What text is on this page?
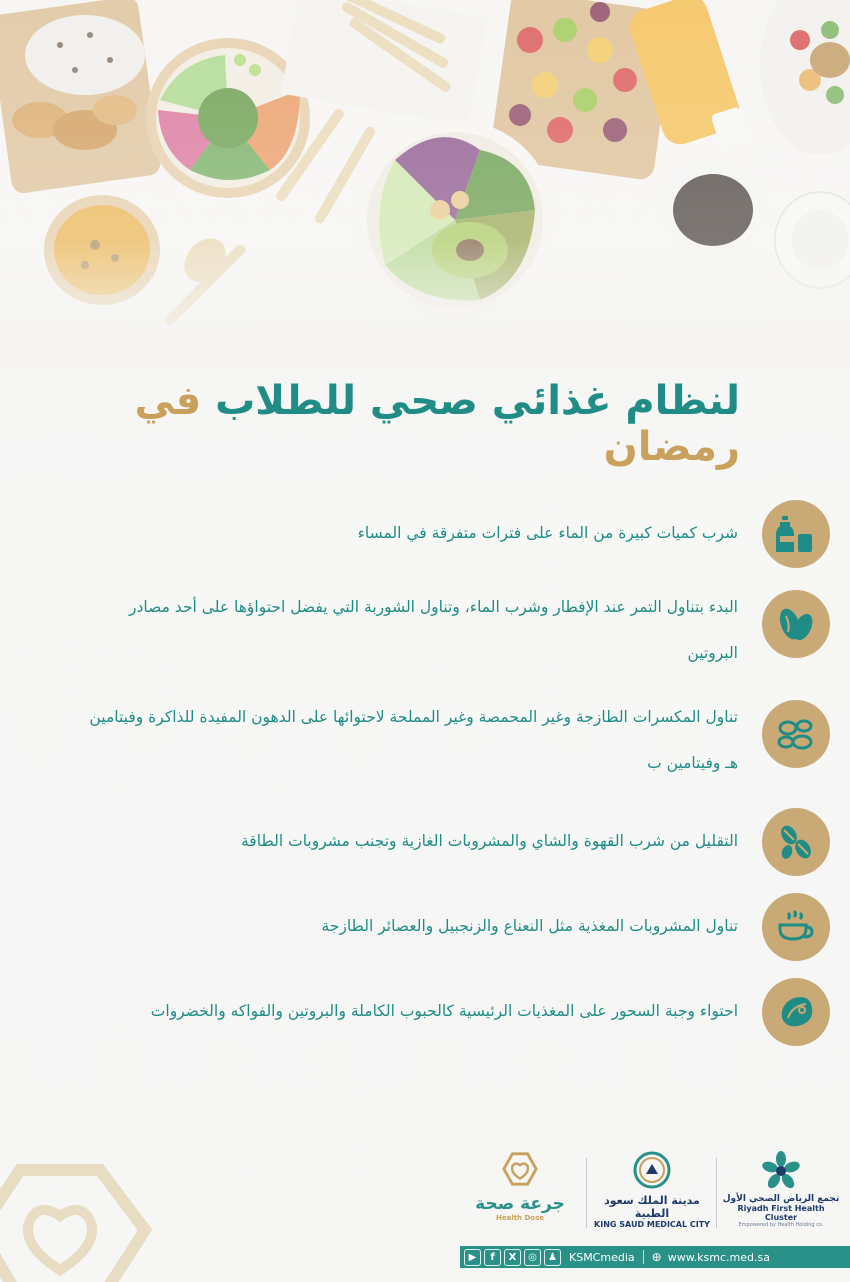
لنظام غذائي صحي للطلاب في رمضان
شرب كميات كبيرة من الماء على فترات متفرقة في المساء
البدء بتناول التمر عند الإفطار وشرب الماء، وتناول الشوربة التي يفضل احتواؤها على أحد مصادر البروتين
تناول المكسرات الطازجة وغير المحمصة وغير المملحة لاحتوائها على الدهون المفيدة للذاكرة وفيتامين هـ وفيتامين ب
التقليل من شرب القهوة والشاي والمشروبات الغازية وتجنب مشروبات الطاقة
تناول المشروبات المغذية مثل النعناع والزنجبيل والعصائر الطازجة
احتواء وجبة السحور على المغذيات الرئيسية كالحبوب الكاملة والبروتين والفواكه والخضروات
جرعة صحة
Health Dose
مدينة الملك سعود الطبية
KING SAUD MEDICAL CITY
تجمع الرياض الصحي الأول
Riyadh First Health Cluster
Empowered by Health Holding co.
▶	f	X	◎	♟	KSMCmedia ⊕ www.ksmc.med.sa
